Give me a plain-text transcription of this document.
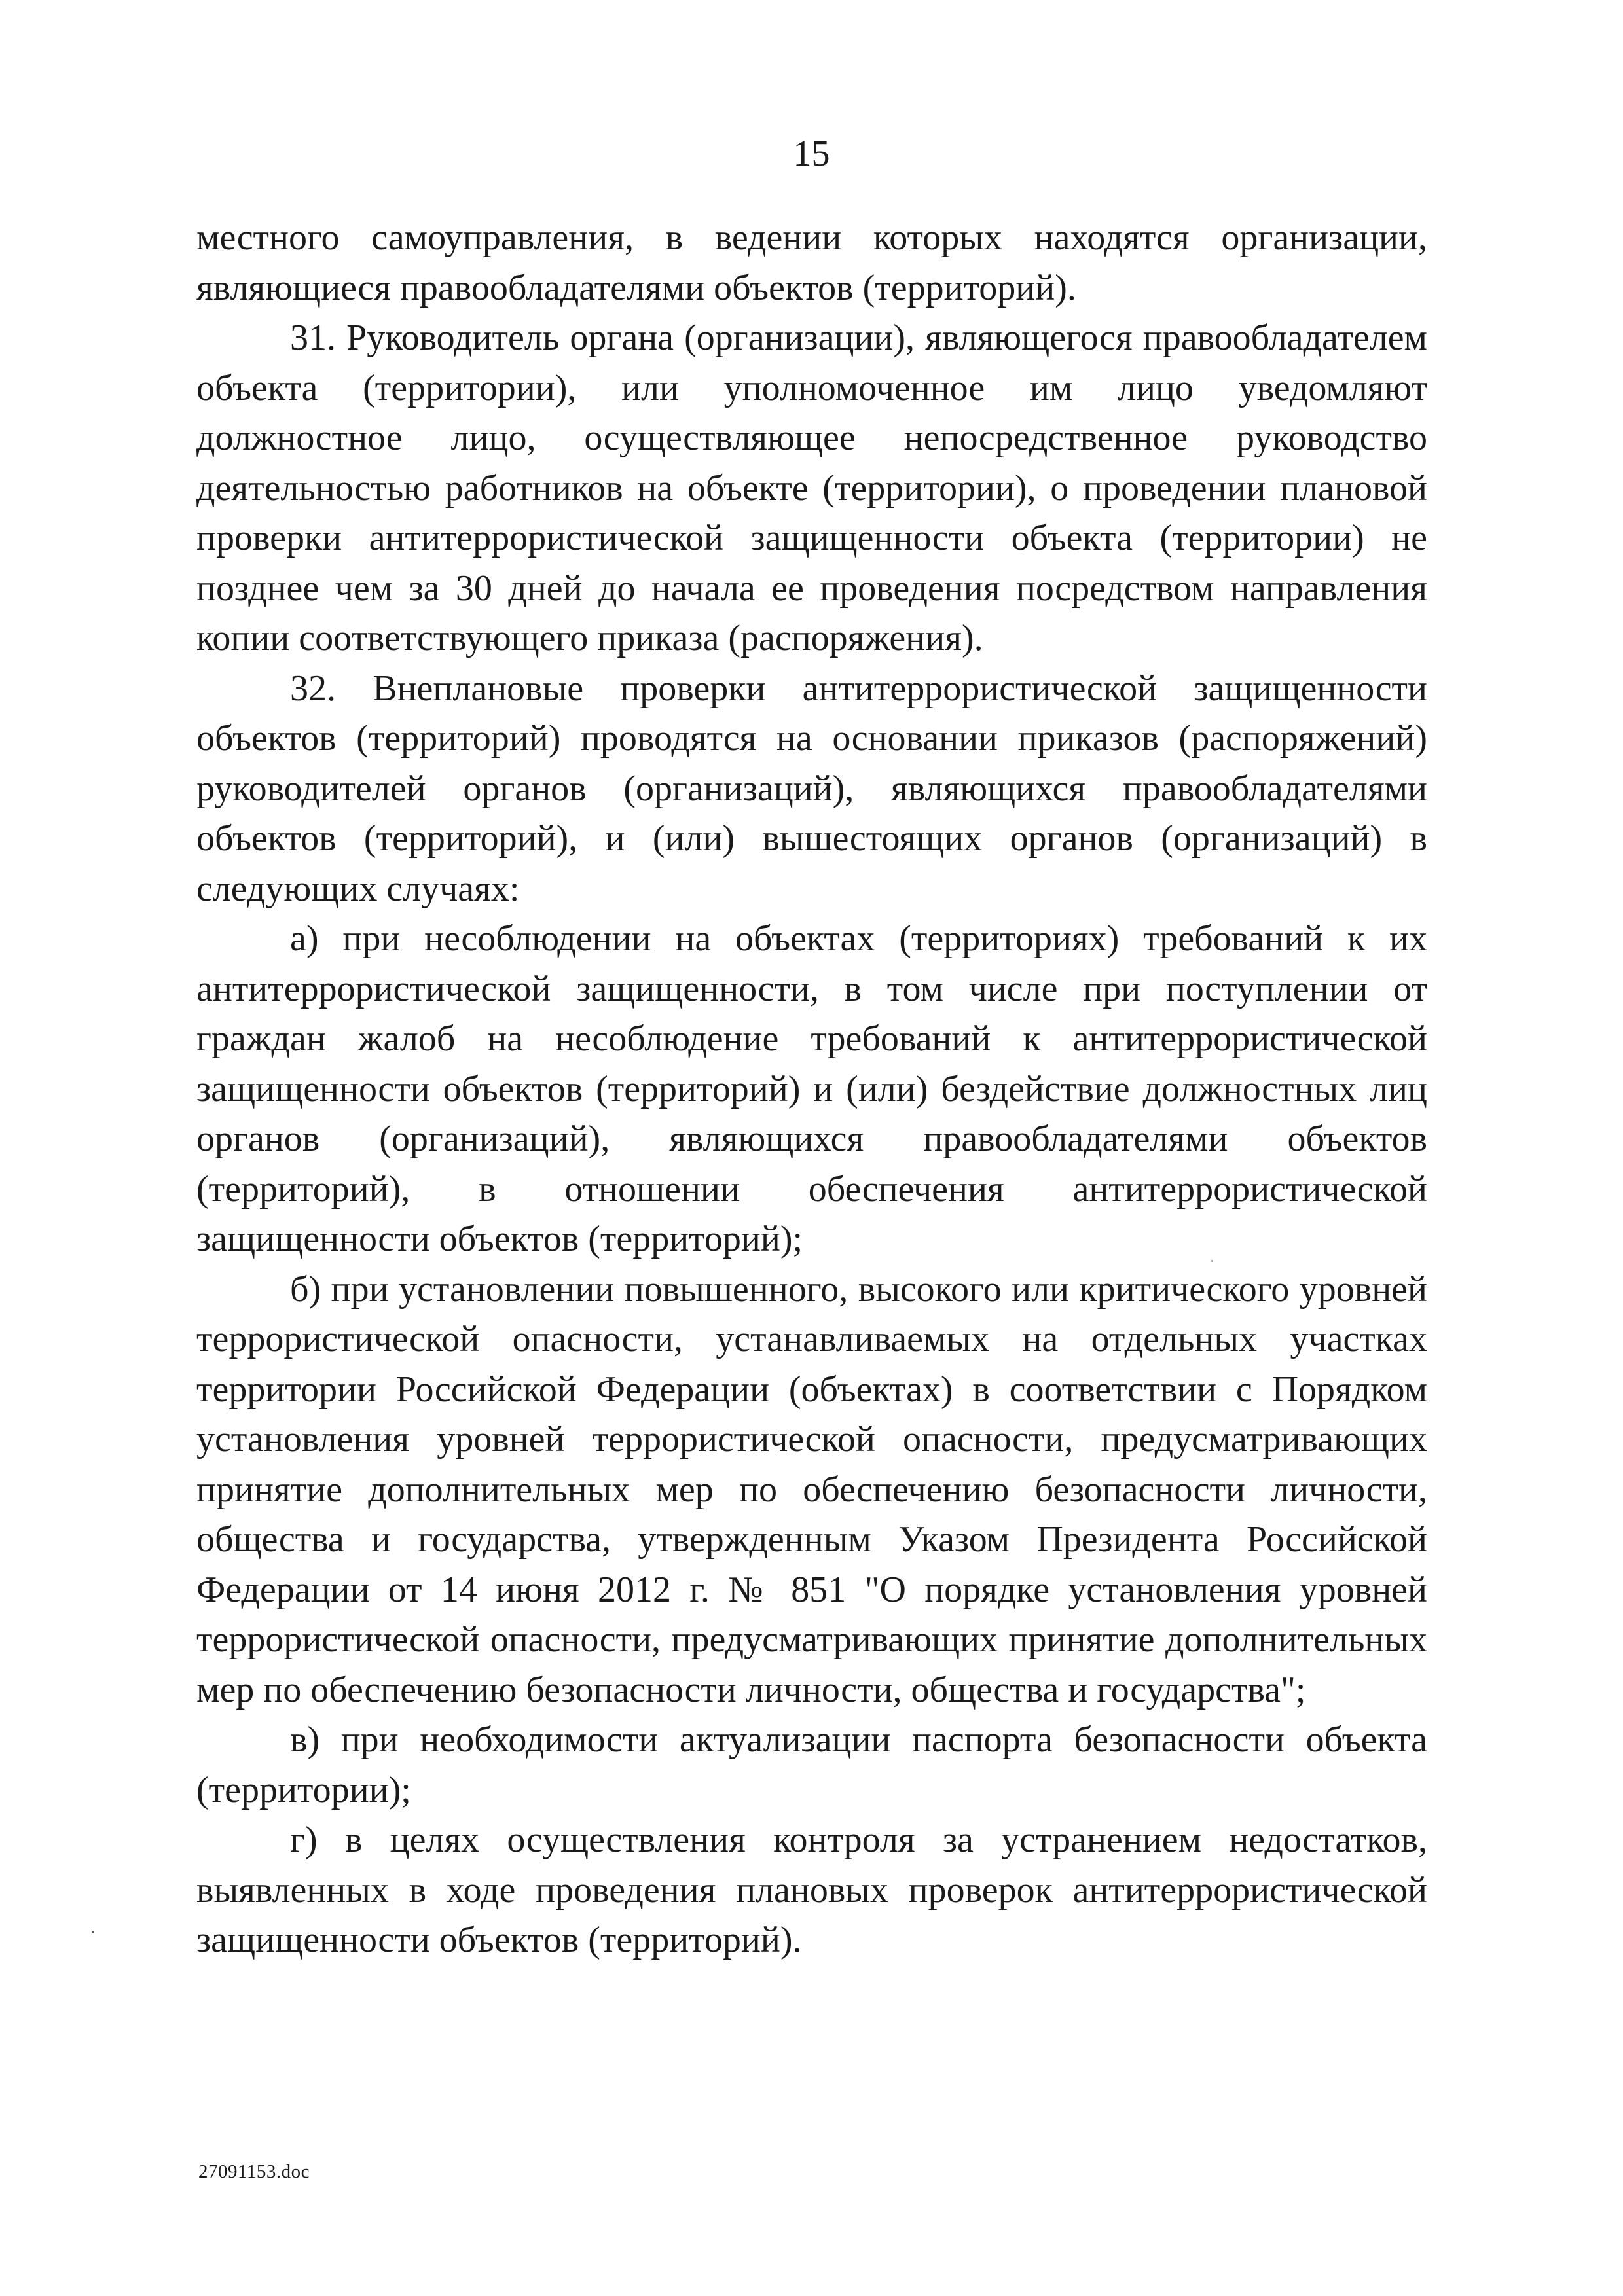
15

местного самоуправления, в ведении которых находятся организации, являющиеся правообладателями объектов (территорий).

31. Руководитель органа (организации), являющегося правообладателем объекта (территории), или уполномоченное им лицо уведомляют должностное лицо, осуществляющее непосредственное руководство деятельностью работников на объекте (территории), о проведении плановой проверки антитеррористической защищенности объекта (территории) не позднее чем за 30 дней до начала ее проведения посредством направления копии соответствующего приказа (распоряжения).

32. Внеплановые проверки антитеррористической защищенности объектов (территорий) проводятся на основании приказов (распоряжений) руководителей органов (организаций), являющихся правообладателями объектов (территорий), и (или) вышестоящих органов (организаций) в следующих случаях:

а) при несоблюдении на объектах (территориях) требований к их антитеррористической защищенности, в том числе при поступлении от граждан жалоб на несоблюдение требований к антитеррористической защищенности объектов (территорий) и (или) бездействие должностных лиц органов (организаций), являющихся правообладателями объектов (территорий), в отношении обеспечения антитеррористической защищенности объектов (территорий);

б) при установлении повышенного, высокого или критического уровней террористической опасности, устанавливаемых на отдельных участках территории Российской Федерации (объектах) в соответствии с Порядком установления уровней террористической опасности, предусматривающих принятие дополнительных мер по обеспечению безопасности личности, общества и государства, утвержденным Указом Президента Российской Федерации от 14 июня 2012 г. № 851 "О порядке установления уровней террористической опасности, предусматривающих принятие дополнительных мер по обеспечению безопасности личности, общества и государства";

в) при необходимости актуализации паспорта безопасности объекта (территории);

г) в целях осуществления контроля за устранением недостатков, выявленных в ходе проведения плановых проверок антитеррористической защищенности объектов (территорий).

27091153.doc
